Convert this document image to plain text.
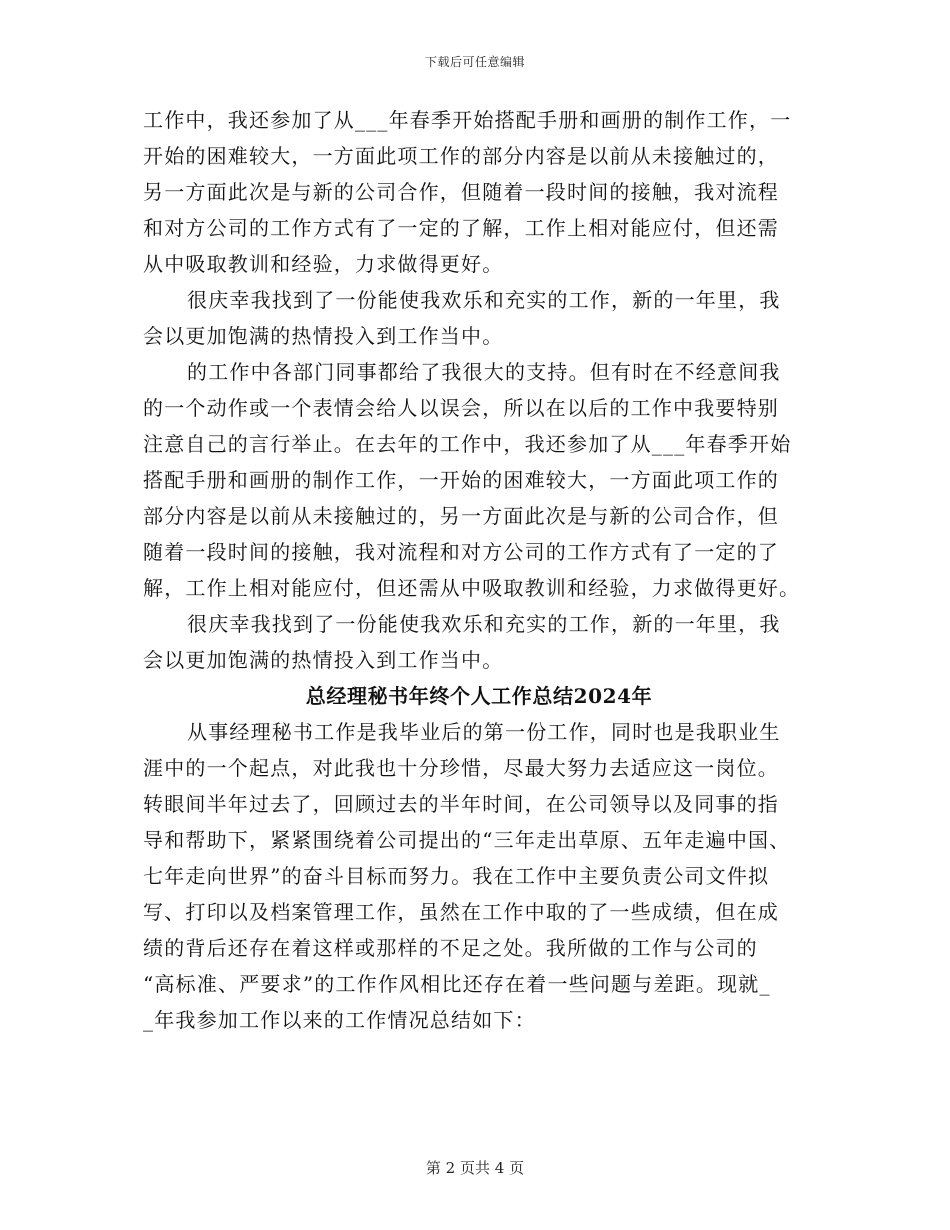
下载后可任意编辑
工作中，我还参加了从___年春季开始搭配手册和画册的制作工作，一
开始的困难较大，一方面此项工作的部分内容是以前从未接触过的，
另一方面此次是与新的公司合作，但随着一段时间的接触，我对流程
和对方公司的工作方式有了一定的了解，工作上相对能应付，但还需
从中吸取教训和经验，力求做得更好。
很庆幸我找到了一份能使我欢乐和充实的工作，新的一年里，我
会以更加饱满的热情投入到工作当中。
的工作中各部门同事都给了我很大的支持。但有时在不经意间我
的一个动作或一个表情会给人以误会，所以在以后的工作中我要特别
注意自己的言行举止。在去年的工作中，我还参加了从___年春季开始
搭配手册和画册的制作工作，一开始的困难较大，一方面此项工作的
部分内容是以前从未接触过的，另一方面此次是与新的公司合作，但
随着一段时间的接触，我对流程和对方公司的工作方式有了一定的了
解，工作上相对能应付，但还需从中吸取教训和经验，力求做得更好。
很庆幸我找到了一份能使我欢乐和充实的工作，新的一年里，我
会以更加饱满的热情投入到工作当中。
总经理秘书年终个人工作总结2024年
从事经理秘书工作是我毕业后的第一份工作，同时也是我职业生
涯中的一个起点，对此我也十分珍惜，尽最大努力去适应这一岗位。
转眼间半年过去了，回顾过去的半年时间，在公司领导以及同事的指
导和帮助下，紧紧围绕着公司提出的“三年走出草原、五年走遍中国、
七年走向世界”的奋斗目标而努力。我在工作中主要负责公司文件拟
写、打印以及档案管理工作，虽然在工作中取的了一些成绩，但在成
绩的背后还存在着这样或那样的不足之处。我所做的工作与公司的
“高标准、严要求”的工作作风相比还存在着一些问题与差距。现就_
_年我参加工作以来的工作情况总结如下：
第 2 页共 4 页
